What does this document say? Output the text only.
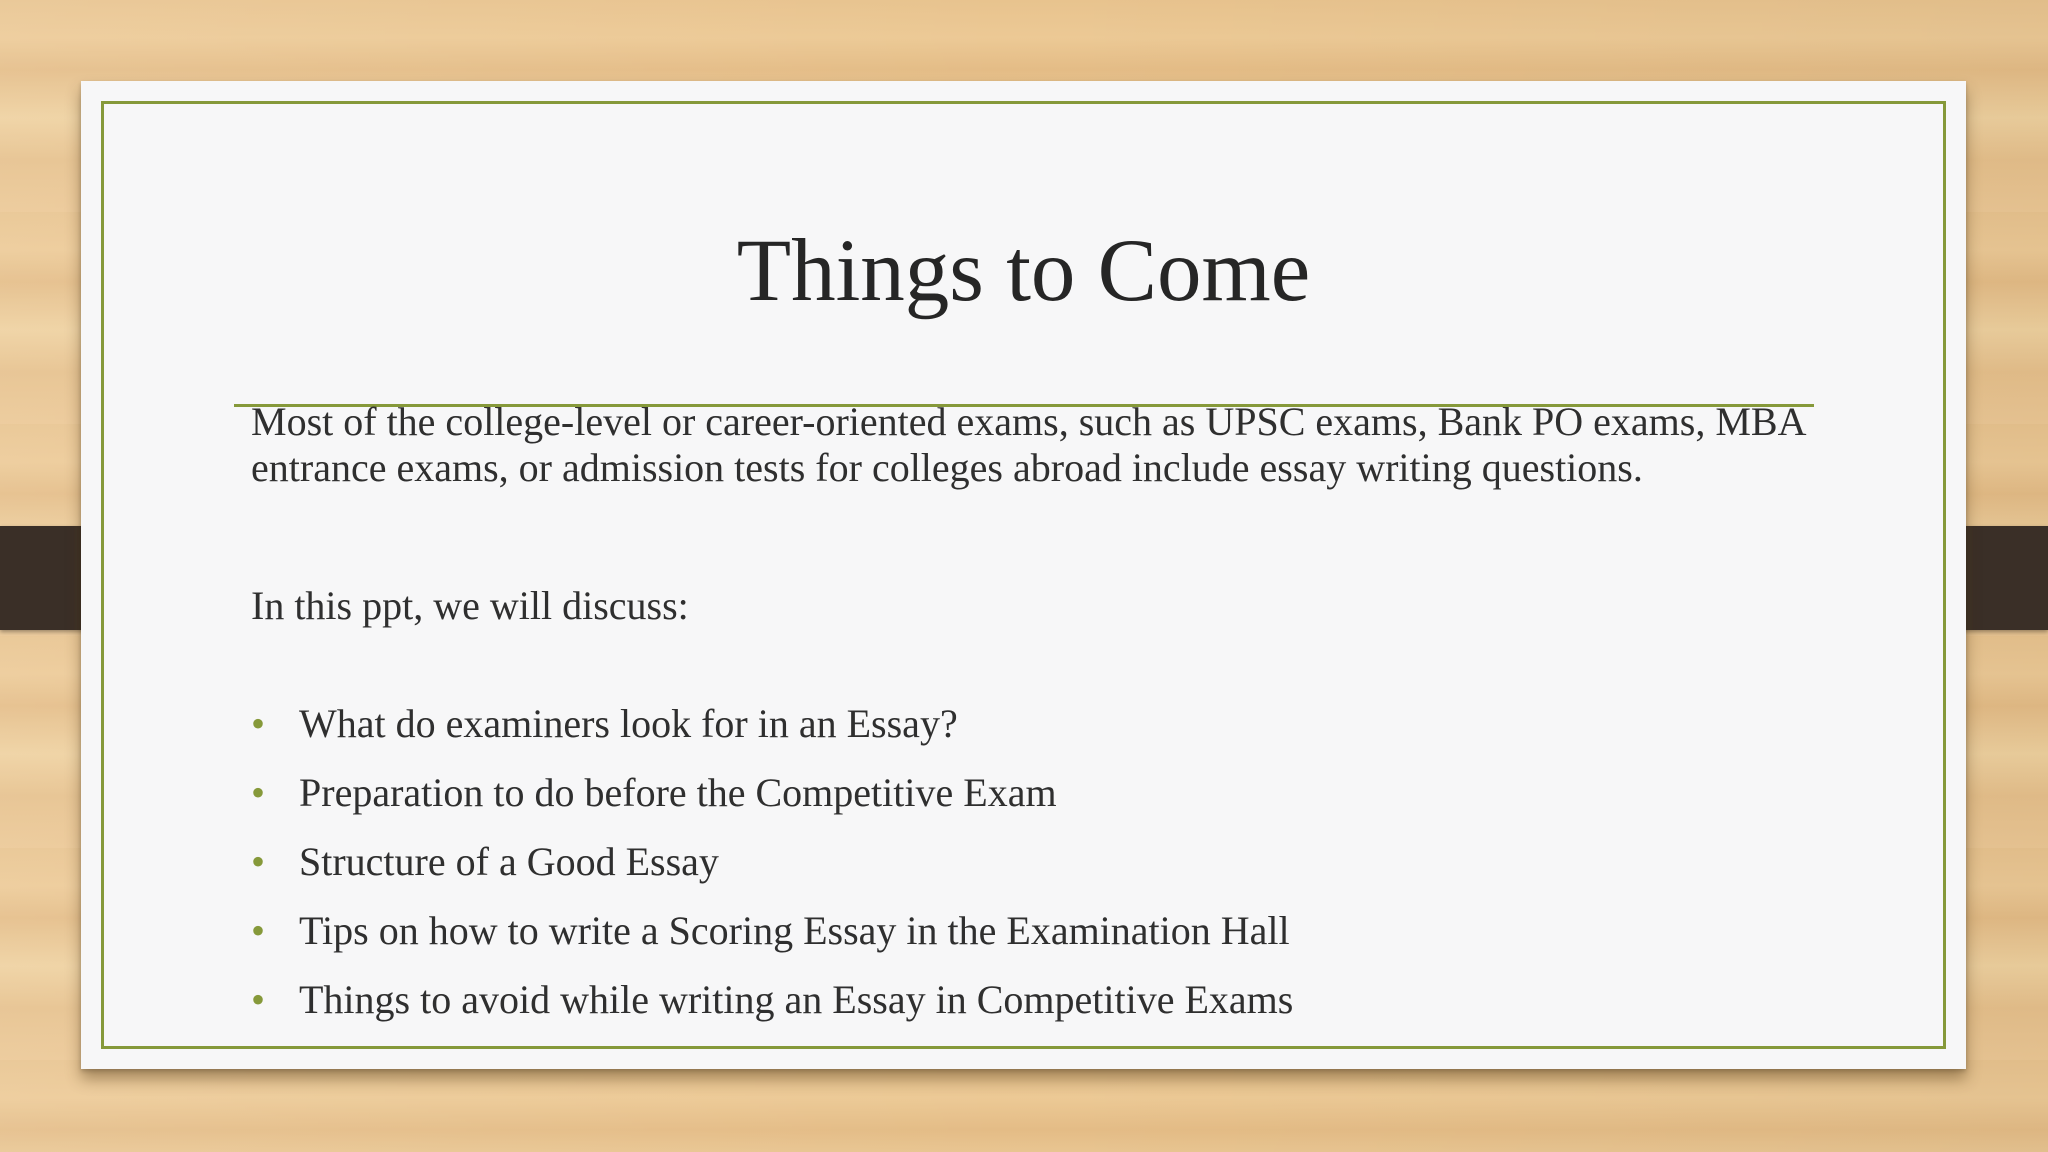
Things to Come

Most of the college-level or career-oriented exams, such as UPSC exams, Bank PO exams, MBA entrance exams, or admission tests for colleges abroad include essay writing questions.

In this ppt, we will discuss:

• What do examiners look for in an Essay?
• Preparation to do before the Competitive Exam
• Structure of a Good Essay
• Tips on how to write a Scoring Essay in the Examination Hall
• Things to avoid while writing an Essay in Competitive Exams
